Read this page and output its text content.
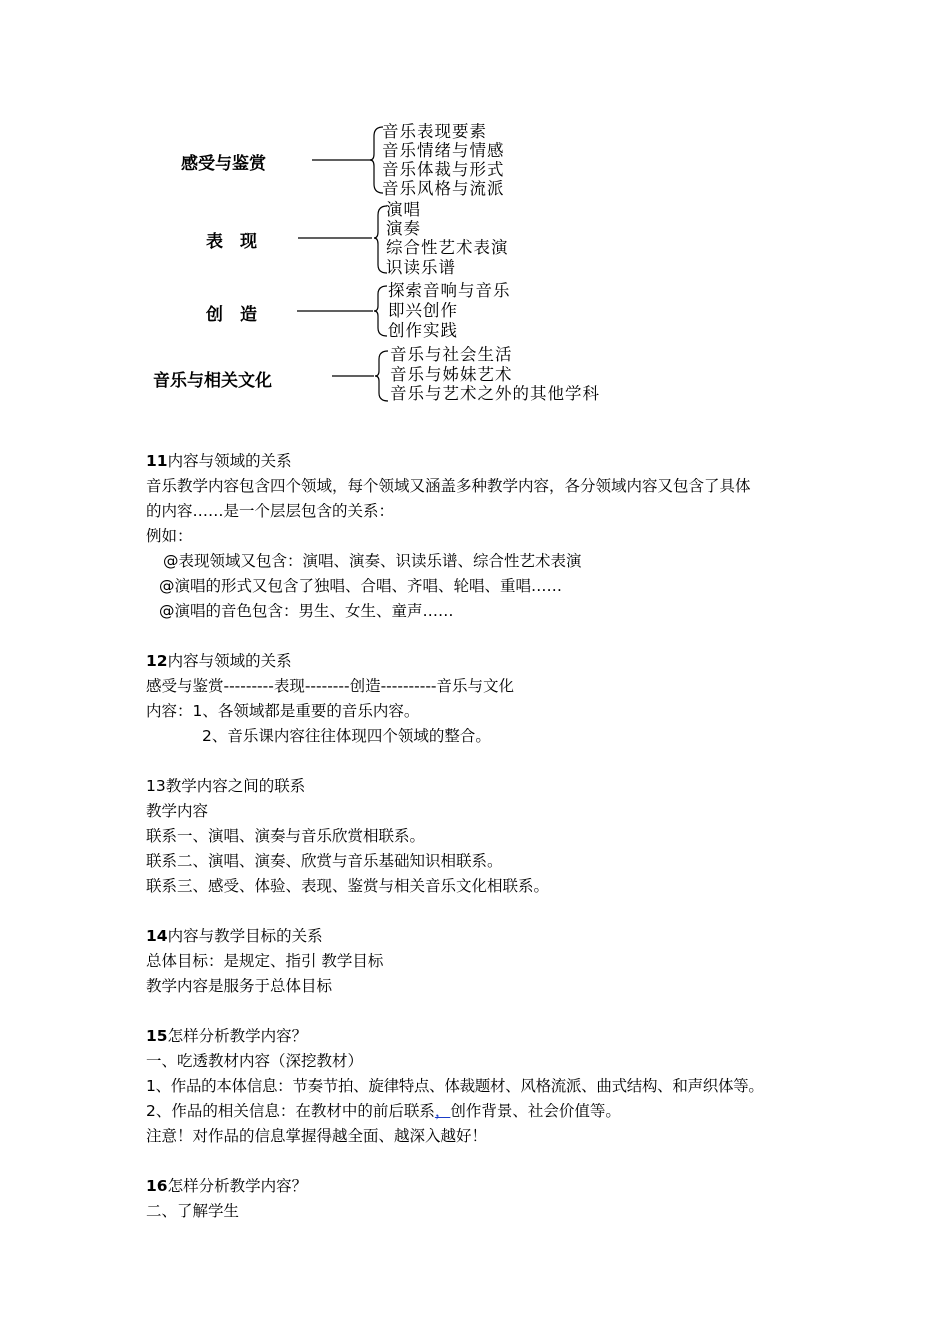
感受与鉴赏
音乐表现要素
音乐情绪与情感
音乐体裁与形式
音乐风格与流派
表　现
演唱
演奏
综合性艺术表演
识读乐谱
创　造
探索音响与音乐
即兴创作
创作实践
音乐与相关文化
音乐与社会生活
音乐与姊妹艺术
音乐与艺术之外的其他学科
11内容与领域的关系
音乐教学内容包含四个领域，每个领域又涵盖多种教学内容，各分领域内容又包含了具体
的内容……是一个层层包含的关系：
例如：
@表现领域又包含：演唱、演奏、识读乐谱、综合性艺术表演
@演唱的形式又包含了独唱、合唱、齐唱、轮唱、重唱……
@演唱的音色包含：男生、女生、童声……
12内容与领域的关系
感受与鉴赏---------表现--------创造----------音乐与文化
内容：1、各领域都是重要的音乐内容。
2、音乐课内容往往体现四个领域的整合。
13教学内容之间的联系
教学内容
联系一、演唱、演奏与音乐欣赏相联系。
联系二、演唱、演奏、欣赏与音乐基础知识相联系。
联系三、感受、体验、表现、鉴赏与相关音乐文化相联系。
14内容与教学目标的关系
总体目标：是规定、指引 教学目标
教学内容是服务于总体目标
15怎样分析教学内容？
一、吃透教材内容（深挖教材）
1、作品的本体信息：节奏节拍、旋律特点、体裁题材、风格流派、曲式结构、和声织体等。
2、作品的相关信息：在教材中的前后联系，创作背景、社会价值等。
注意！对作品的信息掌握得越全面、越深入越好！
16怎样分析教学内容？
二、了解学生
